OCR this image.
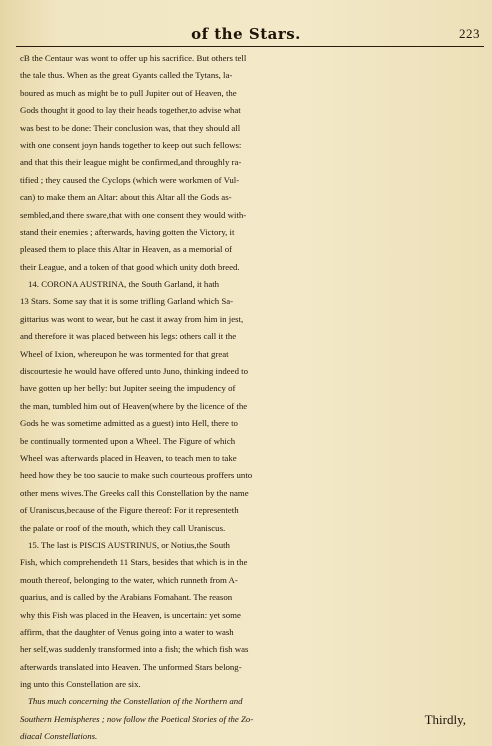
of the Stars.	223
cB the Centaur was wont to offer up his sacrifice. But others tell
the tale thus. When as the great Gyants called the Tytans, la-
boured as much as might be to pull Jupiter out of Heaven, the
Gods thought it good to lay their heads together,to advise what
was best to be done: Their conclusion was, that they should all
with one consent joyn hands together to keep out such fellows:
and that this their league might be confirmed,and throughly ra-
tified ; they caused the Cyclops (which were workmen of Vul-
can) to make them an Altar: about this Altar all the Gods as-
sembled,and there sware,that with one consent they would with-
stand their enemies ; afterwards, having gotten the Victory, it
pleased them to place this Altar in Heaven, as a memorial of
their League, and a token of that good which unity doth breed.
14. CORONA AUSTRINA, the South Garland, it hath
13 Stars. Some say that it is some trifling Garland which Sa-
gittarius was wont to wear, but he cast it away from him in jest,
and therefore it was placed between his legs: others call it the
Wheel of Ixion, whereupon he was tormented for that great
discourtesie he would have offered unto Juno, thinking indeed to
have gotten up her belly: but Jupiter seeing the impudency of
the man, tumbled him out of Heaven(where by the licence of the
Gods he was sometime admitted as a guest) into Hell, there to
be continually tormented upon a Wheel. The Figure of which
Wheel was afterwards placed in Heaven, to teach men to take
heed how they be too saucie to make such courteous proffers unto
other mens wives.The Greeks call this Constellation by the name
of Uraniscus,because of the Figure thereof: For it representeth
the palate or roof of the mouth, which they call Uraniscus.
15. The last is PISCIS AUSTRINUS, or Notius,the South
Fish, which comprehendeth 11 Stars, besides that which is in the
mouth thereof, belonging to the water, which runneth from A-
quarius, and is called by the Arabians Fomahant. The reason
why this Fish was placed in the Heaven, is uncertain: yet some
affirm, that the daughter of Venus going into a water to wash
her self,was suddenly transformed into a fish; the which fish was
afterwards translated into Heaven. The unformed Stars belong-
ing unto this Constellation are six.
Thus much concerning the Constellation of the Northern and
Southern Hemispheres ; now follow the Poetical Stories of the Zo-
diacal Constellations.
Thirdly,
